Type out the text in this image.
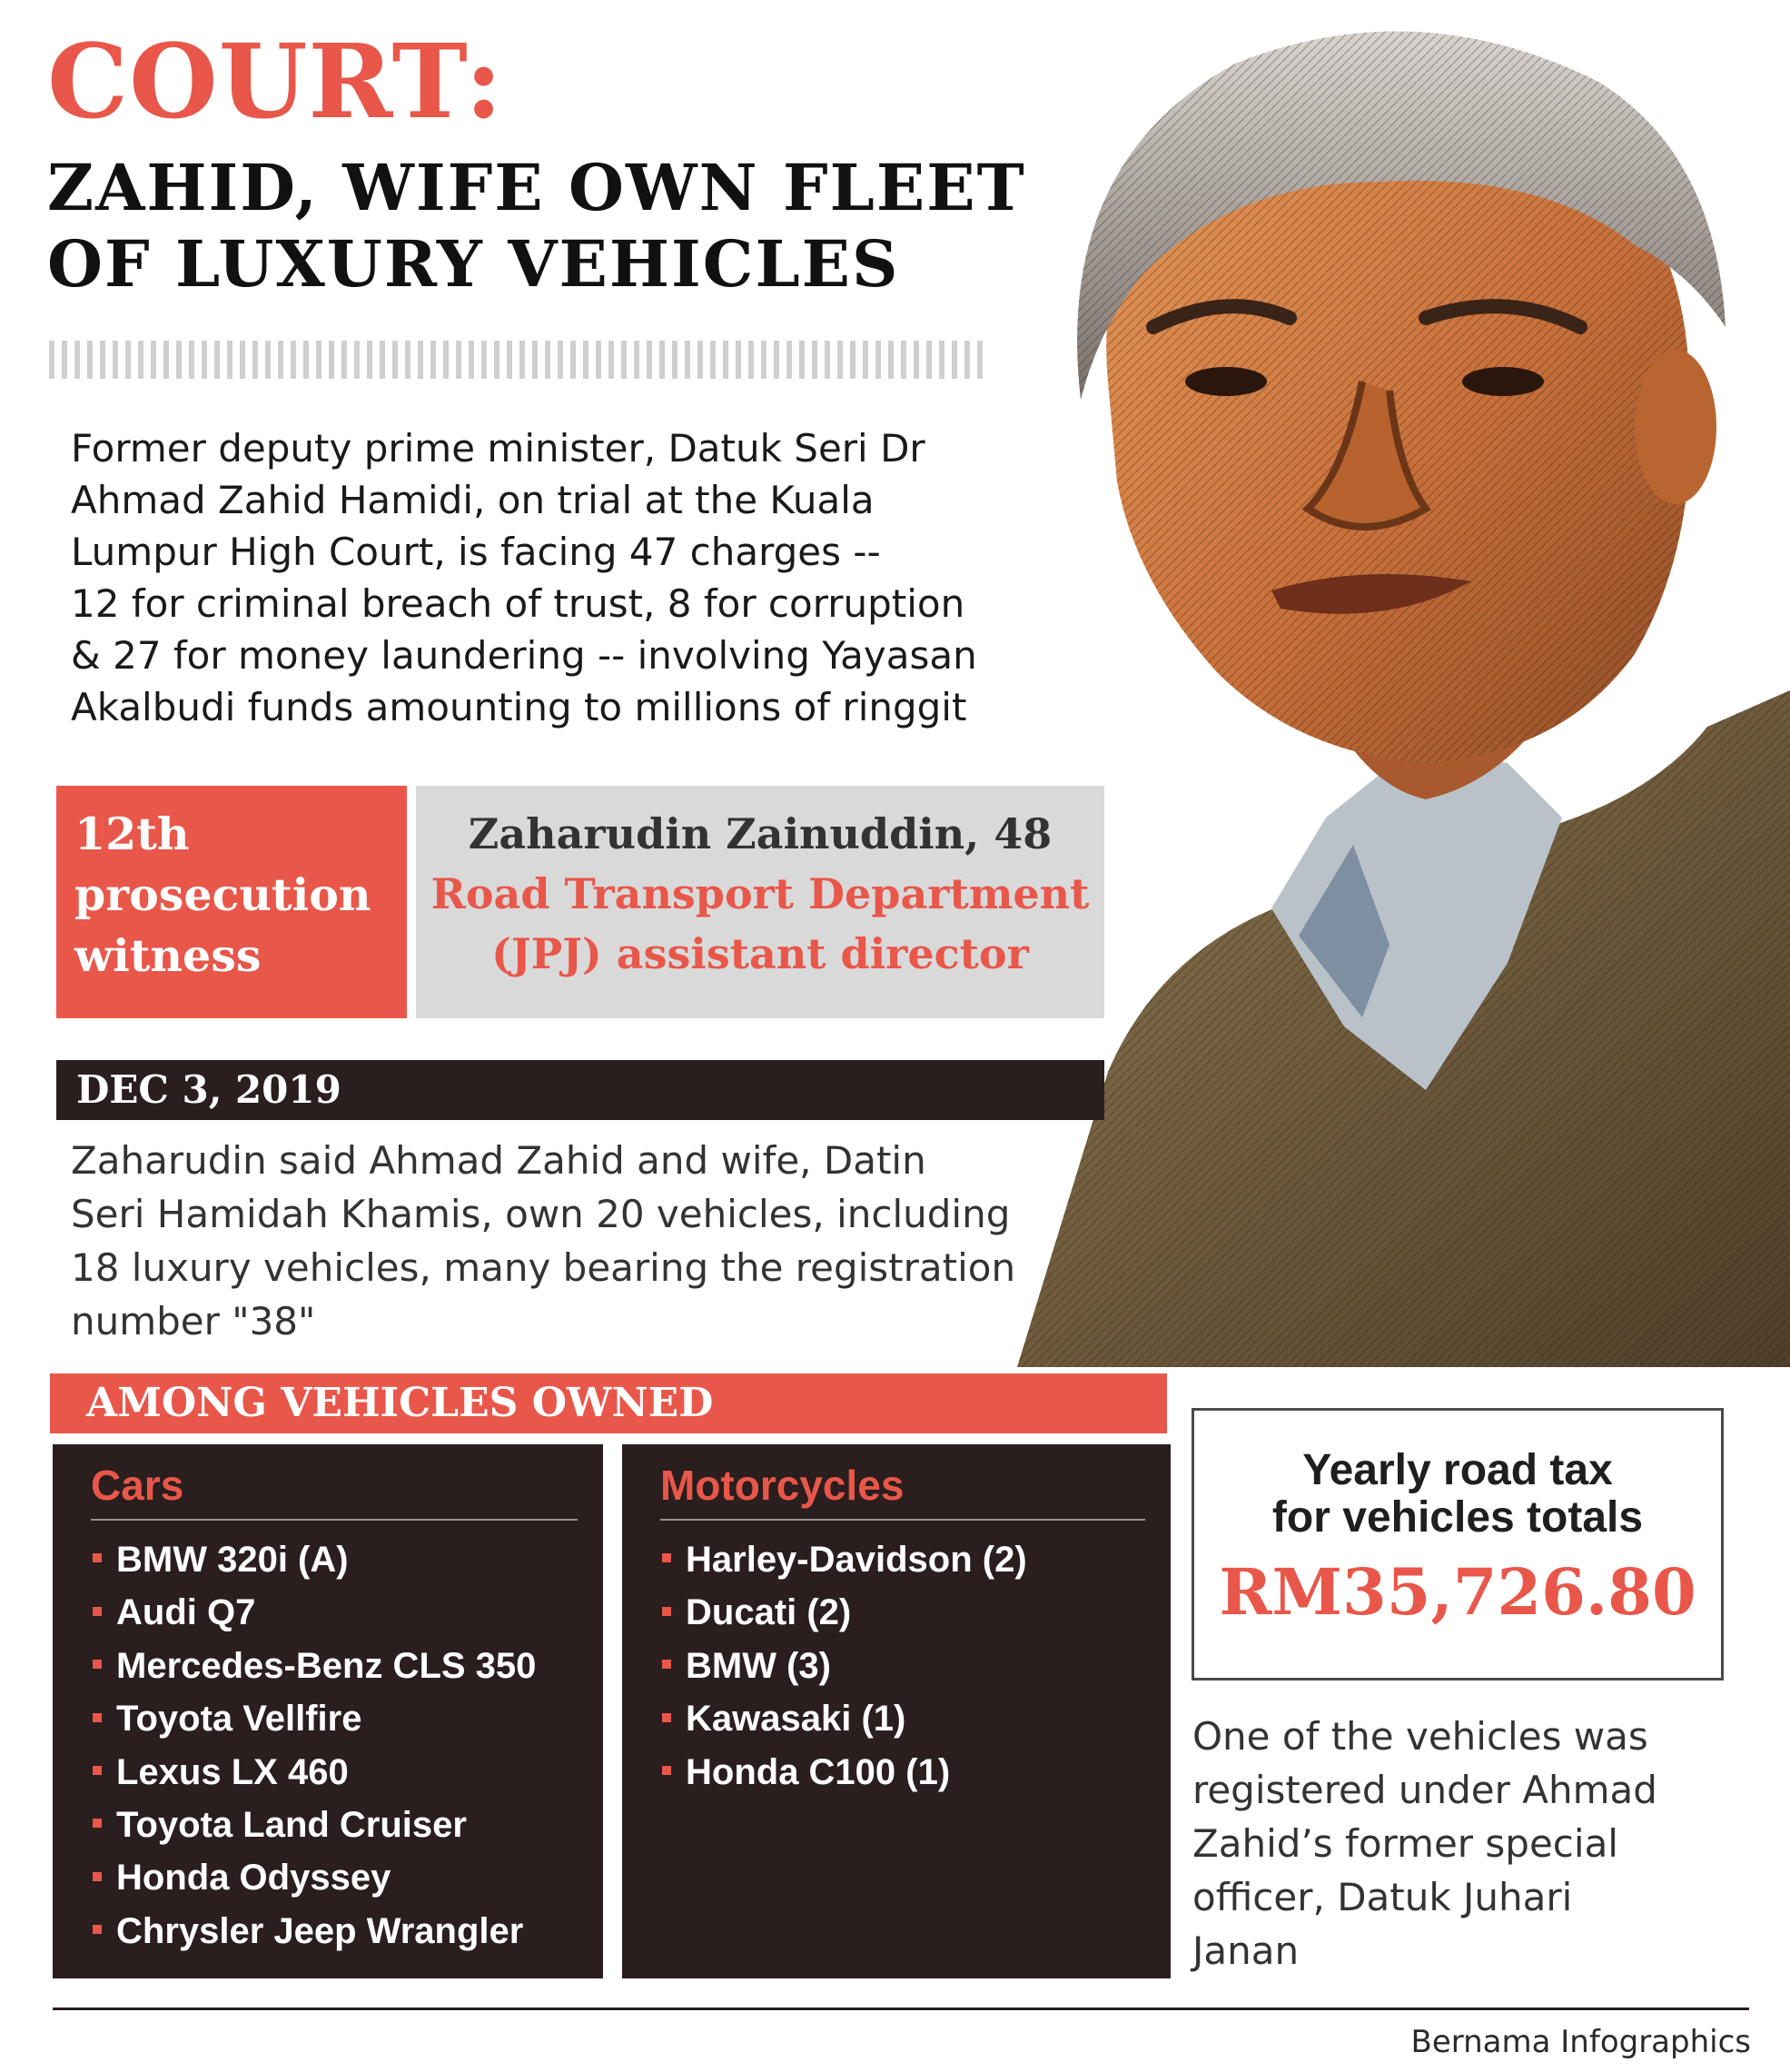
COURT:
ZAHID, WIFE OWN FLEET
OF LUXURY VEHICLES
Former deputy prime minister, Datuk Seri Dr
Ahmad Zahid Hamidi, on trial at the Kuala
Lumpur High Court, is facing 47 charges --
12 for criminal breach of trust, 8 for corruption
& 27 for money laundering -- involving Yayasan
Akalbudi funds amounting to millions of ringgit
12th
prosecution
witness
Zaharudin Zainuddin, 48
Road Transport Department
(JPJ) assistant director
DEC 3, 2019
Zaharudin said Ahmad Zahid and wife, Datin
Seri Hamidah Khamis, own 20 vehicles, including
18 luxury vehicles, many bearing the registration
number "38"
AMONG VEHICLES OWNED
Cars
BMW 320i (A)
Audi Q7
Mercedes-Benz CLS 350
Toyota Vellfire
Lexus LX 460
Toyota Land Cruiser
Honda Odyssey
Chrysler Jeep Wrangler
Motorcycles
Harley-Davidson (2)
Ducati (2)
BMW (3)
Kawasaki (1)
Honda C100 (1)
Yearly road tax
for vehicles totals
RM35,726.80
One of the vehicles was
registered under Ahmad
Zahid’s former special
officer, Datuk Juhari
Janan
Bernama Infographics
